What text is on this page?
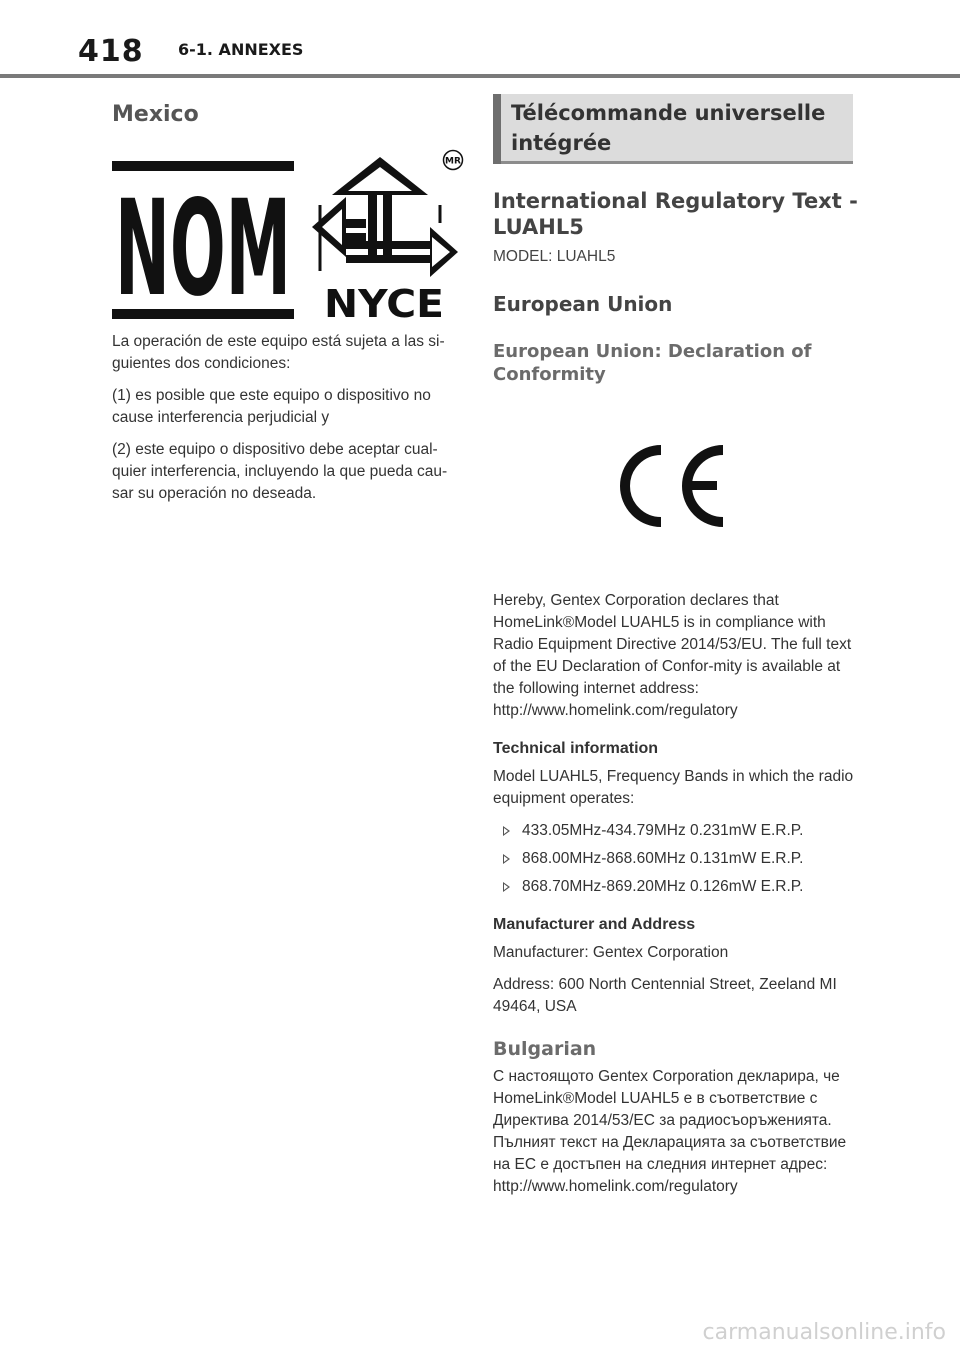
418 6-1. ANNEXES
Mexico
NOM NYCE
MR

La operación de este equipo está sujeta a las si-guientes dos condiciones:

(1) es posible que este equipo o dispositivo no cause interferencia perjudicial y

(2) este equipo o dispositivo debe aceptar cual-quier interferencia, incluyendo la que pueda cau-sar su operación no deseada.

Télécommande universelle
intégrée
International Regulatory Text - LUAHL5

MODEL: LUAHL5

European Union
European Union: Declaration of Conformity

Hereby, Gentex Corporation declares that HomeLink®Model LUAHL5 is in compliance with Radio Equipment Directive 2014/53/EU. The full text of the EU Declaration of Confor-mity is available at the following internet address: http://www.homelink.com/regulatory

Technical information

Model LUAHL5, Frequency Bands in which the radio equipment operates:

433.05MHz-434.79MHz 0.231mW E.R.P.
868.00MHz-868.60MHz 0.131mW E.R.P.
868.70MHz-869.20MHz 0.126mW E.R.P.
Manufacturer and Address

Manufacturer: Gentex Corporation

Address: 600 North Centennial Street, Zeeland MI 49464, USA

Bulgarian

С настоящото Gentex Corporation декларира, че HomeLink®Model LUAHL5 е в съответствие с Директива 2014/53/ЕС за радиосъоръженията. Пълният текст на Декларацията за съответствие на ЕС е достъпен на следния интернет адрес: http://www.homelink.com/regulatory

carmanualsonline.info
